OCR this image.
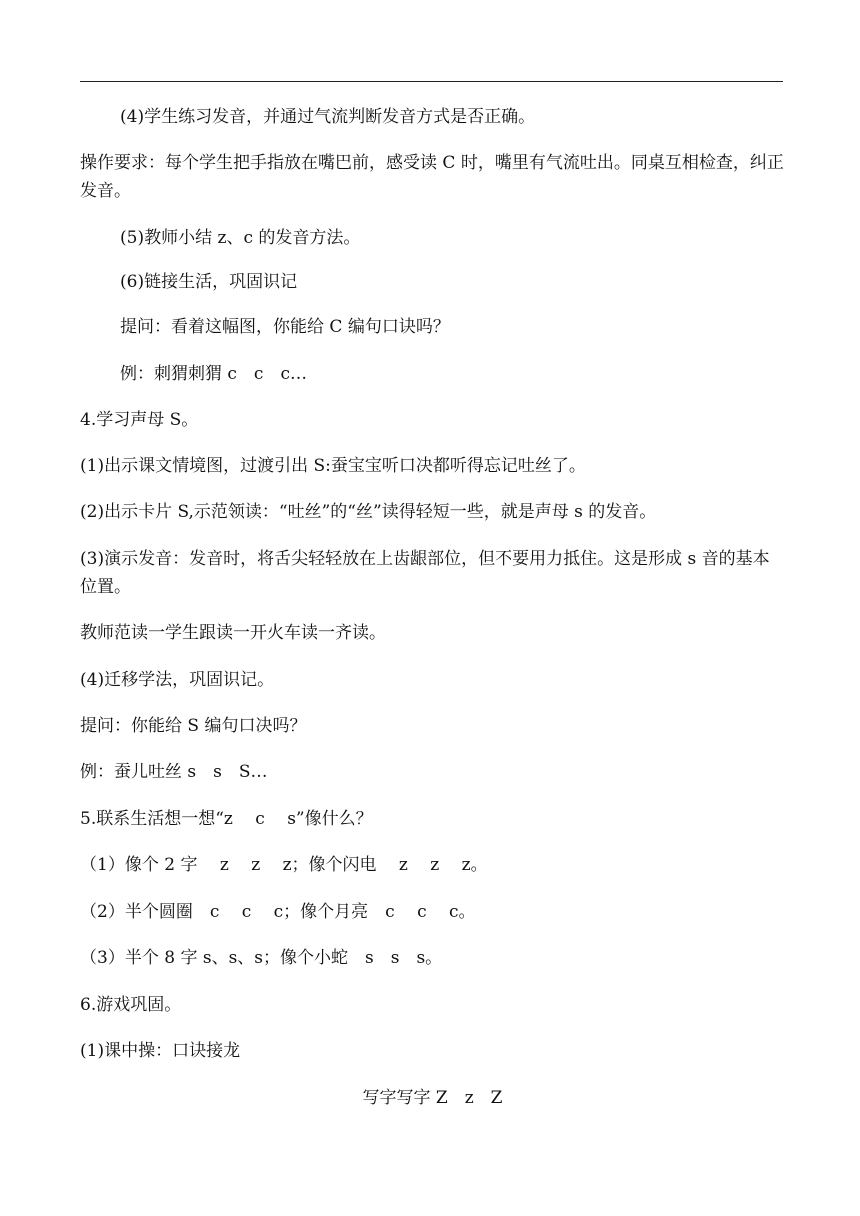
(4)学生练习发音，并通过气流判断发音方式是否正确。
操作要求：每个学生把手指放在嘴巴前，感受读 C 时，嘴里有气流吐出。同桌互相检查，纠正发音。
(5)教师小结 z、c 的发音方法。
(6)链接生活，巩固识记
提问：看着这幅图，你能给 C 编句口诀吗？
例：刺猬刺猬 c　c　c…
4.学习声母 S。
(1)出示课文情境图，过渡引出 S:蚕宝宝听口决都听得忘记吐丝了。
(2)出示卡片 S,示范领读：“吐丝”的“丝”读得轻短一些，就是声母 s 的发音。
(3)演示发音：发音时，将舌尖轻轻放在上齿龈部位，但不要用力抵住。这是形成 s 音的基本位置。
教师范读一学生跟读一开火车读一齐读。
(4)迁移学法，巩固识记。
提问：你能给 S 编句口决吗？
例：蚕儿吐丝 s　s　S…
5.联系生活想一想“z　 c　 s”像什么？
（1）像个 2 字　 z　 z　 z；像个闪电　 z　 z　 z。
（2）半个圆圈　c　 c　 c；像个月亮　c　 c　 c。
（3）半个 8 字 s、s、s；像个小蛇　s　s　s。
6.游戏巩固。
(1)课中操：口诀接龙
写字写字 Z　z　Z
